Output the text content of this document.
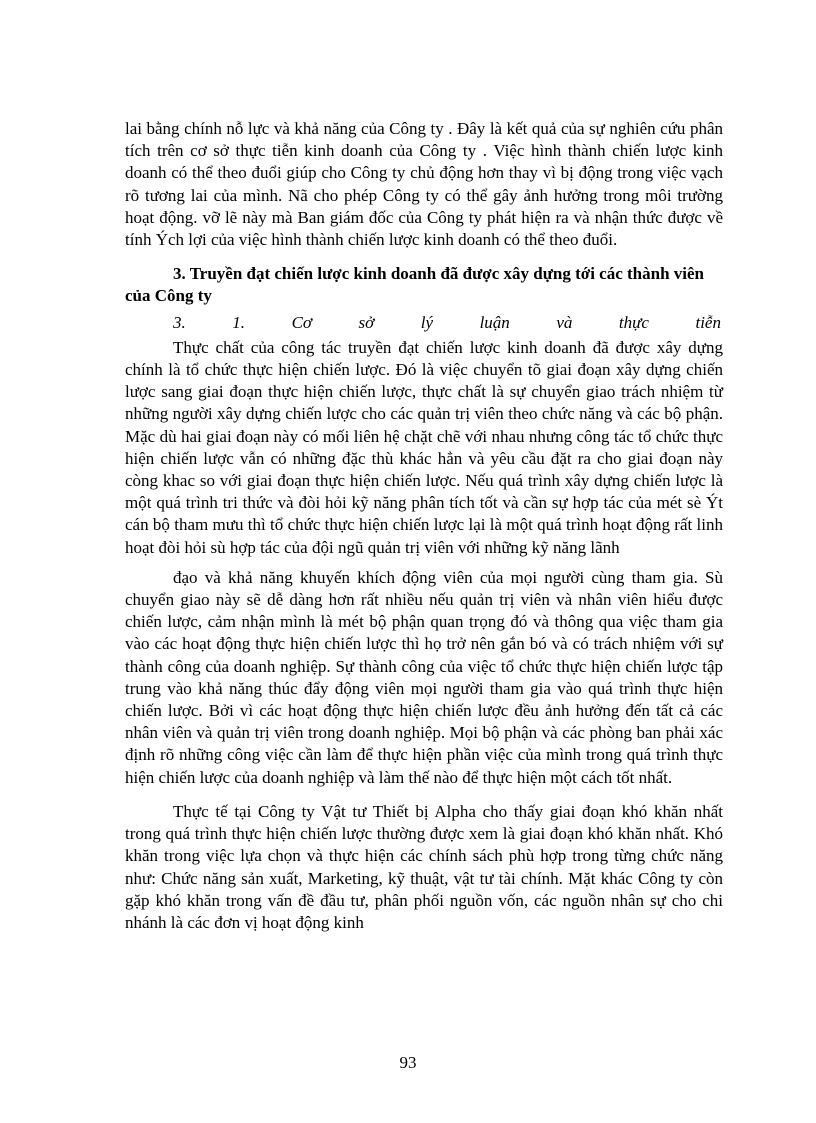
lai bằng chính nỗ lực và khả năng của Công ty . Đây là kết quả của sự nghiên cứu phân tích trên cơ sở thực tiễn kinh doanh của Công ty . Việc hình thành chiến lược kinh doanh có thể theo đuổi giúp cho Công ty chủ động hơn thay vì bị động trong việc vạch rõ tương lai của mình. Nã cho phép Công ty có thể gây ảnh hưởng trong môi trường hoạt động. vỡ lẽ này mà Ban giám đốc của Công ty phát hiện ra và nhận thức được về tính Ých lợi của việc hình thành chiến lược kinh doanh có thể theo đuổi.

3. Truyền đạt chiến lược kinh doanh đã được xây dựng tới các thành viên của Công ty

3.	1.	Cơ	sở	lý	luận	và	thực	tiễn

Thực chất của công tác truyền đạt chiến lược kinh doanh đã được xây dựng chính là tổ chức thực hiện chiến lược. Đó là việc chuyển tõ giai đoạn xây dựng chiến lược sang giai đoạn thực hiện chiến lược, thực chất là sự chuyển giao trách nhiệm từ những người xây dựng chiến lược cho các quản trị viên theo chức năng và các bộ phận. Mặc dù hai giai đoạn này có mối liên hệ chặt chẽ với nhau nhưng công tác tổ chức thực hiện chiến lược vẫn có những đặc thù khác hẳn và yêu cầu đặt ra cho giai đoạn này còng khac so với giai đoạn thực hiện chiến lược. Nếu quá trình xây dựng chiến lược là một quá trình tri thức và đòi hỏi kỹ năng phân tích tốt và cần sự hợp tác của mét sè Ýt cán bộ tham mưu thì tổ chức thực hiện chiến lược lại là một quá trình hoạt động rất linh hoạt đòi hỏi sù hợp tác của đội ngũ quản trị viên với những kỹ năng lãnh

đạo và khả năng khuyến khích động viên của mọi người cùng tham gia. Sù chuyển giao này sẽ dễ dàng hơn rất nhiều nếu quản trị viên và nhân viên hiểu được chiến lược, cảm nhận mình là mét bộ phận quan trọng đó và thông qua việc tham gia vào các hoạt động thực hiện chiến lược thì họ trở nên gắn bó và có trách nhiệm với sự thành công của doanh nghiệp. Sự thành công của việc tổ chức thực hiện chiến lược tập trung vào khả năng thúc đẩy động viên mọi người tham gia vào quá trình thực hiện chiến lược. Bởi vì các hoạt động thực hiện chiến lược đều ảnh hưởng đến tất cả các nhân viên và quản trị viên trong doanh nghiệp. Mọi bộ phận và các phòng ban phải xác định rõ những công việc cần làm để thực hiện phần việc của mình trong quá trình thực hiện chiến lược của doanh nghiệp và làm thế nào để thực hiện một cách tốt nhất.

Thực tế tại Công ty Vật tư Thiết bị Alpha cho thấy giai đoạn khó khăn nhất trong quá trình thực hiện chiến lược thường được xem là giai đoạn khó khăn nhất. Khó khăn trong việc lựa chọn và thực hiện các chính sách phù hợp trong từng chức năng như: Chức năng sản xuất, Marketing, kỹ thuật, vật tư tài chính. Mặt khác Công ty còn gặp khó khăn trong vấn đề đầu tư, phân phối nguồn vốn, các nguồn nhân sự cho chi nhánh là các đơn vị hoạt động kinh

93
